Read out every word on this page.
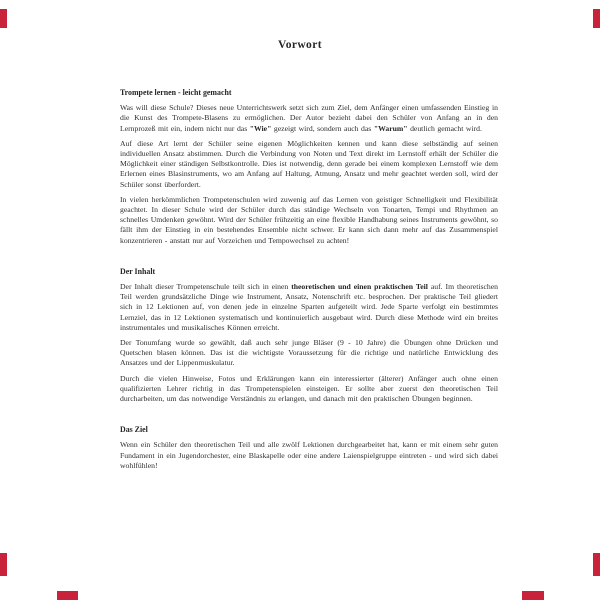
Vorwort
Trompete lernen - leicht gemacht

Was will diese Schule? Dieses neue Unterrichtswerk setzt sich zum Ziel, dem Anfänger einen umfassenden Einstieg in die Kunst des Trompete-Blasens zu ermöglichen. Der Autor bezieht dabei den Schüler von Anfang an in den Lernprozeß mit ein, indem nicht nur das "Wie" gezeigt wird, sondern auch das "Warum" deutlich gemacht wird.

Auf diese Art lernt der Schüler seine eigenen Möglichkeiten kennen und kann diese selbständig auf seinen individuellen Ansatz abstimmen. Durch die Verbindung von Noten und Text direkt im Lernstoff erhält der Schüler die Möglichkeit einer ständigen Selbstkontrolle. Dies ist notwendig, denn gerade bei einem komplexen Lernstoff wie dem Erlernen eines Blasinstruments, wo am Anfang auf Haltung, Atmung, Ansatz und mehr geachtet werden soll, wird der Schüler sonst überfordert.

In vielen herkömmlichen Trompetenschulen wird zuwenig auf das Lernen von geistiger Schnelligkeit und Flexibilität geachtet. In dieser Schule wird der Schüler durch das ständige Wechseln von Tonarten, Tempi und Rhythmen an schnelles Umdenken gewöhnt. Wird der Schüler frühzeitig an eine flexible Handhabung seines Instruments gewöhnt, so fällt ihm der Einstieg in ein bestehendes Ensemble nicht schwer. Er kann sich dann mehr auf das Zusammenspiel konzentrieren - anstatt nur auf Vorzeichen und Tempowechsel zu achten!

Der Inhalt

Der Inhalt dieser Trompetenschule teilt sich in einen theoretischen und einen praktischen Teil auf. Im theoretischen Teil werden grundsätzliche Dinge wie Instrument, Ansatz, Notenschrift etc. besprochen. Der praktische Teil gliedert sich in 12 Lektionen auf, von denen jede in einzelne Sparten aufgeteilt wird. Jede Sparte verfolgt ein bestimmtes Lernziel, das in 12 Lektionen systematisch und kontinuierlich ausgebaut wird. Durch diese Methode wird ein breites instrumentales und musikalisches Können erreicht.

Der Tonumfang wurde so gewählt, daß auch sehr junge Bläser (9 - 10 Jahre) die Übungen ohne Drücken und Quetschen blasen können. Das ist die wichtigste Voraussetzung für die richtige und natürliche Entwicklung des Ansatzes und der Lippenmuskulatur.

Durch die vielen Hinweise, Fotos und Erklärungen kann ein interessierter (älterer) Anfänger auch ohne einen qualifizierten Lehrer richtig in das Trompetenspielen einsteigen. Er sollte aber zuerst den theoretischen Teil durcharbeiten, um das notwendige Verständnis zu erlangen, und danach mit den praktischen Übungen beginnen.

Das Ziel

Wenn ein Schüler den theoretischen Teil und alle zwölf Lektionen durchgearbeitet hat, kann er mit einem sehr guten Fundament in ein Jugendorchester, eine Blaskapelle oder eine andere Laienspielgruppe eintreten - und wird sich dabei wohlfühlen!
